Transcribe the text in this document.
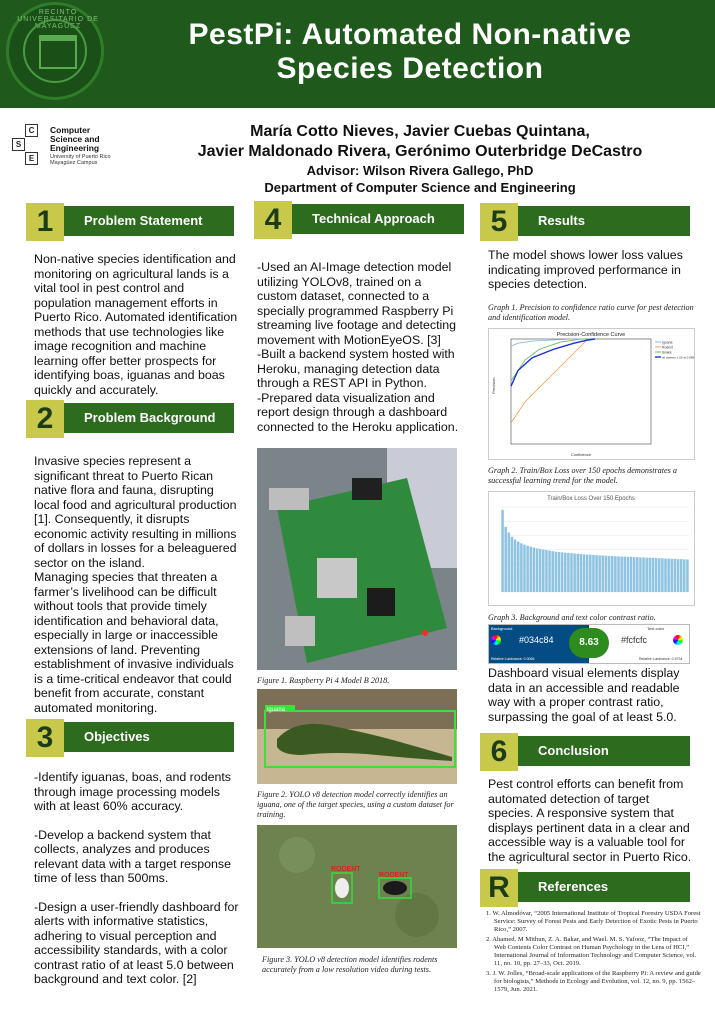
RECINTO UNIVERSITARIO DE MAYAGÜEZ	PestPi: Automated Non-native
Species Detection
C
S
E
Computer Science and Engineering
University of Puerto Rico Mayagüez Campus
María Cotto Nieves, Javier Cuebas Quintana,
Javier Maldonado Rivera, Gerónimo Outerbridge DeCastro
Advisor: Wilson Rivera Gallego, PhD
Department of Computer Science and Engineering
1	Problem Statement
Non-native species identification and monitoring on agricultural lands is a vital tool in pest control and population management efforts in Puerto Rico. Automated identification methods that use technologies like image recognition and machine learning offer better prospects for identifying boas, iguanas and boas quickly and accurately.
2	Problem Background
Invasive species represent a significant threat to Puerto Rican native flora and fauna, disrupting local food and agricultural production [1]. Consequently, it disrupts economic activity resulting in millions of dollars in losses for a beleaguered sector on the island.
Managing species that threaten a farmer’s livelihood can be difficult without tools that provide timely identification and behavioral data, especially in large or inaccessible extensions of land. Preventing establishment of invasive individuals is a time-critical endeavor that could benefit from accurate, constant automated monitoring.
3	Objectives
-Identify iguanas, boas, and rodents through image processing models with at least 60% accuracy.
-Develop a backend system that collects, analyzes and produces relevant data with a target response time of less than 500ms.
-Design a user-friendly dashboard for alerts with informative statistics, adhering to visual perception and accessibility standards, with a color contrast ratio of at least 5.0 between background and text color. [2]
4	Technical Approach
-Used an AI-Image detection model utilizing YOLOv8, trained on a custom dataset, connected to a specially programmed Raspberry Pi streaming live footage and detecting movement with MotionEyeOS. [3]
-Built a backend system hosted with Heroku, managing detection data through a REST API in Python.
-Prepared data visualization and report design through a dashboard connected to the Heroku application.
Figure 1. Raspberry Pi 4 Model B 2018.
iguana
Figure 2. YOLO v8 detection model correctly identifies an iguana, one of the target species, using a custom dataset for training.
RODENT
RODENT
Figure 3. YOLO v8 detection model identifies rodents accurately from a low resolution video during tests.
5	Results
The model shows lower loss values indicating improved performance in species detection.
Graph 1. Precision to confidence ratio curve for pest detection and identification model.
Precision-Confidence Curve
Precision
Confidence
Iguana
Rodent
Snake
all classes 1.00 at 0.889
Graph 2. Train/Box Loss over 150 epochs demonstrates a successful learning trend for the model.
Train/Box Loss Over 150 Epochs
Graph 3. Background and text color contrast ratio.
Background	Text color
#034c84	8.63	#fcfcfc
Relative Luminance: 0.0066	Relative Luminance: 0.9734
Dashboard visual elements display data in an accessible and readable way with a proper contrast ratio, surpassing the goal of at least 5.0.
6	Conclusion
Pest control efforts can benefit from automated detection of target species. A responsive system that displays pertinent data in a clear and accessible way is a valuable tool for the agricultural sector in Puerto Rico.
R	References
1. W. Almodóvar, “2005 International Institute of Tropical Forestry USDA Forest Service: Survey of Forest Pests and Early Detection of Exotic Pests in Puerto Rico,” 2007.
2. Ahamed. M Mithun, Z. A. Bakar, and Wael. M. S. Yafooz, “The Impact of Web Contents Color Contrast on Human Psychology in the Lens of HCI,” International Journal of Information Technology and Computer Science, vol. 11, no. 10, pp. 27–33, Oct. 2019.
3. J. W. Jolles, “Broad-scale applications of the Raspberry Pi: A review and guide for biologists,” Methods in Ecology and Evolution, vol. 12, no. 9, pp. 1562–1579, Jun. 2021.
